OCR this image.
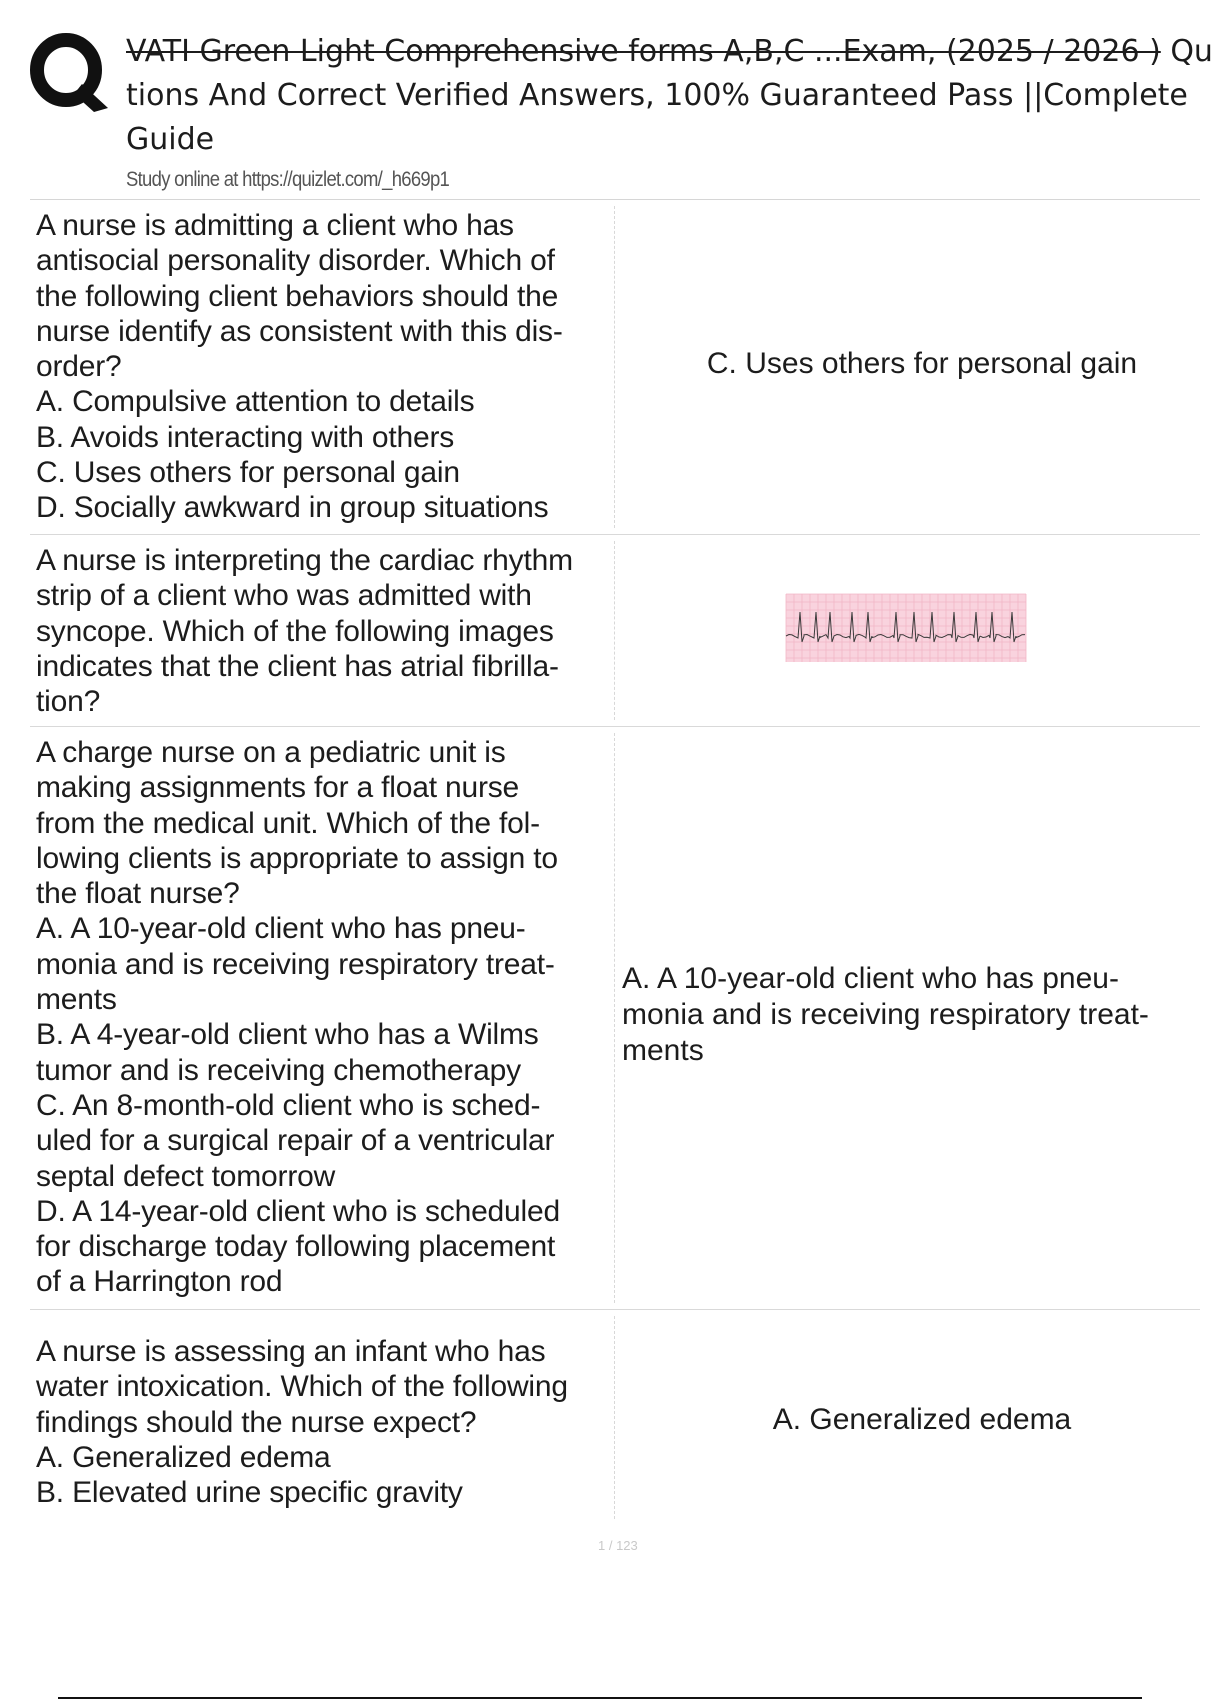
VATI Green Light Comprehensive forms A,B,C ...Exam, (2025 / 2026 ) Qu
tions And Correct Verified Answers, 100% Guaranteed Pass ||Complete
Guide
Study online at https://quizlet.com/_h669p1
A nurse is admitting a client who has
antisocial personality disorder. Which of
the following client behaviors should the
nurse identify as consistent with this dis-
order?
A. Compulsive attention to details
B. Avoids interacting with others
C. Uses others for personal gain
D. Socially awkward in group situations
C. Uses others for personal gain
A nurse is interpreting the cardiac rhythm
strip of a client who was admitted with
syncope. Which of the following images
indicates that the client has atrial fibrilla-
tion?
A charge nurse on a pediatric unit is
making assignments for a float nurse
from the medical unit. Which of the fol-
lowing clients is appropriate to assign to
the float nurse?
A. A 10-year-old client who has pneu-
monia and is receiving respiratory treat-
ments
B. A 4-year-old client who has a Wilms
tumor and is receiving chemotherapy
C. An 8-month-old client who is sched-
uled for a surgical repair of a ventricular
septal defect tomorrow
D. A 14-year-old client who is scheduled
for discharge today following placement
of a Harrington rod
A. A 10-year-old client who has pneu-
monia and is receiving respiratory treat-
ments
A nurse is assessing an infant who has
water intoxication. Which of the following
findings should the nurse expect?
A. Generalized edema
B. Elevated urine specific gravity
A. Generalized edema
1 / 123
